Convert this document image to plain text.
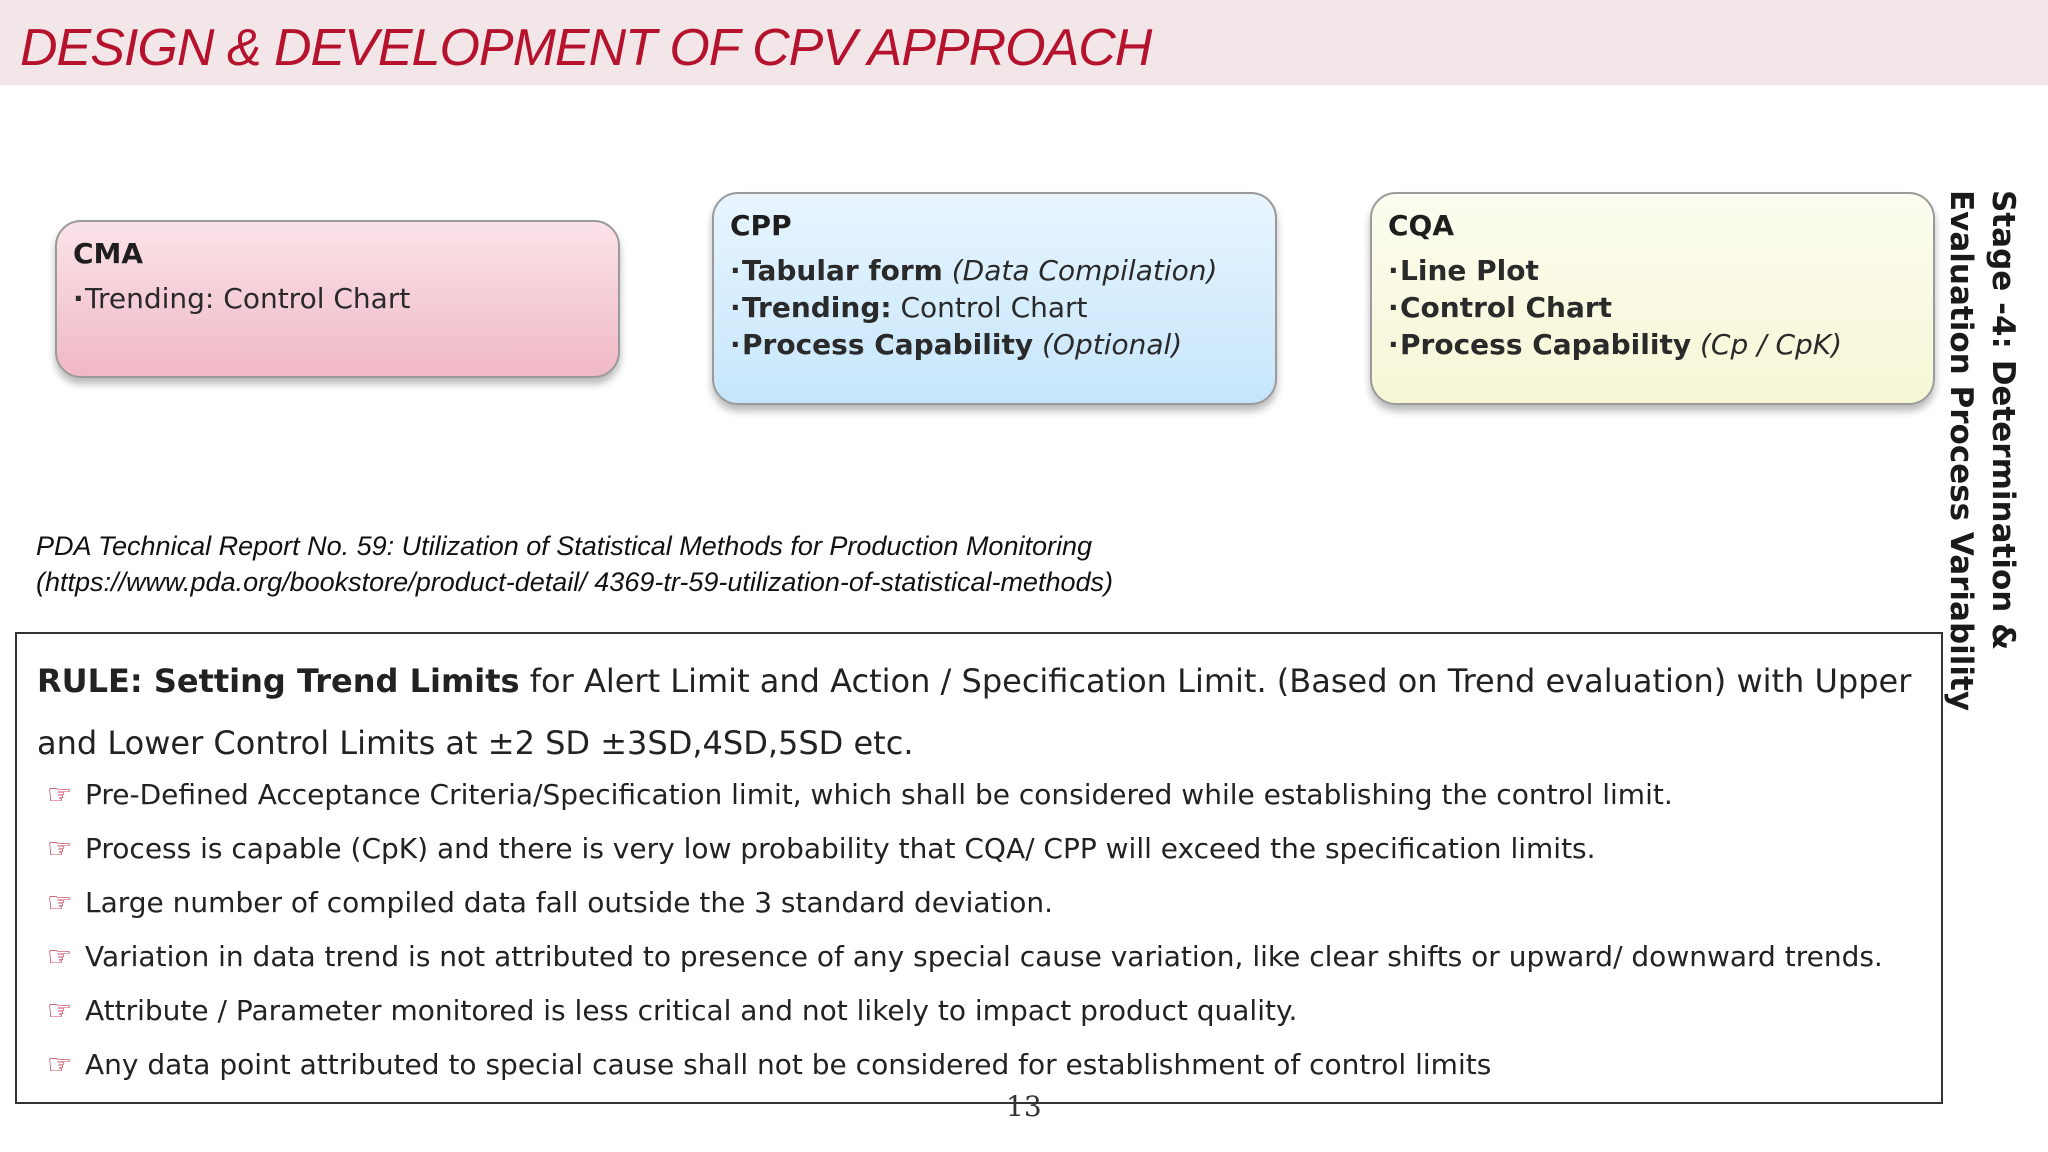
DESIGN & DEVELOPMENT OF CPV APPROACH
CMA
·Trending: Control Chart
CPP
·Tabular form (Data Compilation)
·Trending: Control Chart
·Process Capability (Optional)
CQA
·Line Plot
·Control Chart
·Process Capability (Cp / CpK)	Stage -4: Determination &
Evaluation Process Variability
PDA Technical Report No. 59: Utilization of Statistical Methods for Production Monitoring
(https://www.pda.org/bookstore/product-detail/ 4369-tr-59-utilization-of-statistical-methods)
RULE: Setting Trend Limits for Alert Limit and Action / Specification Limit. (Based on Trend evaluation) with Upper and Lower Control Limits at ±2 SD ±3SD,4SD,5SD etc.
☞ Pre-Defined Acceptance Criteria/Specification limit, which shall be considered while establishing the control limit.
☞ Process is capable (CpK) and there is very low probability that CQA/ CPP will exceed the specification limits.
☞ Large number of compiled data fall outside the 3 standard deviation.
☞ Variation in data trend is not attributed to presence of any special cause variation, like clear shifts or upward/ downward trends.
☞ Attribute / Parameter monitored is less critical and not likely to impact product quality.
☞ Any data point attributed to special cause shall not be considered for establishment of control limits
13
